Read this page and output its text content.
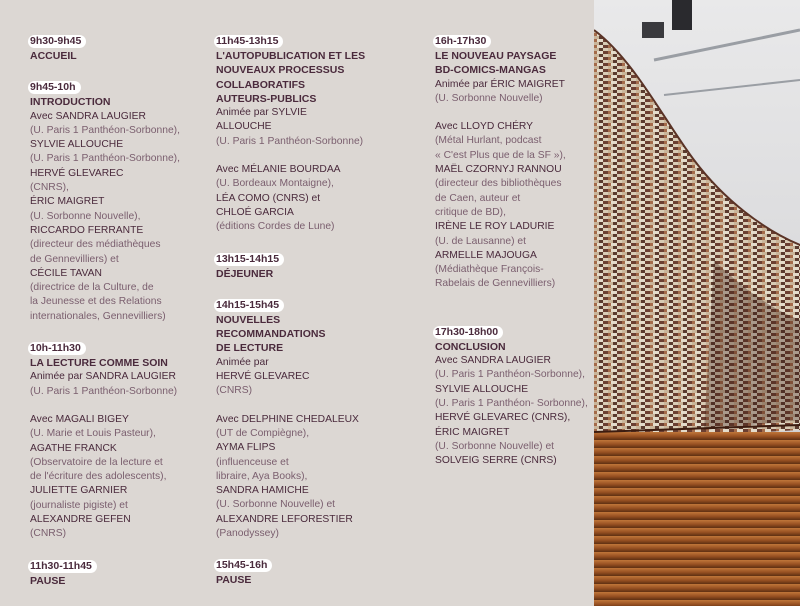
9h30-9h45
ACCUEIL
9h45-10h
INTRODUCTION
Avec SANDRA LAUGIER
(U. Paris 1 Panthéon-Sorbonne),
SYLVIE ALLOUCHE
(U. Paris 1 Panthéon-Sorbonne),
HERVÉ GLEVAREC
(CNRS),
ÉRIC MAIGRET
(U. Sorbonne Nouvelle),
RICCARDO FERRANTE
(directeur des médiathèques
de Gennevilliers) et
CÉCILE TAVAN
(directrice de la Culture, de
la Jeunesse et des Relations
internationales, Gennevilliers)
10h-11h30
LA LECTURE COMME SOIN
Animée par SANDRA LAUGIER
(U. Paris 1 Panthéon-Sorbonne)
Avec MAGALI BIGEY
(U. Marie et Louis Pasteur),
AGATHE FRANCK
(Observatoire de la lecture et
de l'écriture des adolescents),
JULIETTE GARNIER
(journaliste pigiste) et
ALEXANDRE GEFEN
(CNRS)
11h30-11h45
PAUSE
11h45-13h15
L'AUTOPUBLICATION ET LES
NOUVEAUX PROCESSUS
COLLABORATIFS
AUTEURS-PUBLICS
Animée par SYLVIE
ALLOUCHE
(U. Paris 1 Panthéon-Sorbonne)
Avec MÉLANIE BOURDAA
(U. Bordeaux Montaigne),
LÉA COMO (CNRS) et
CHLOÉ GARCIA
(éditions Cordes de Lune)
13h15-14h15
DÉJEUNER
14h15-15h45
NOUVELLES
RECOMMANDATIONS
DE LECTURE
Animée par
HERVÉ GLEVAREC
(CNRS)
Avec DELPHINE CHEDALEUX
(UT de Compiègne),
AYMA FLIPS
(influenceuse et
libraire, Aya Books),
SANDRA HAMICHE
(U. Sorbonne Nouvelle) et
ALEXANDRE LEFORESTIER
(Panodyssey)
15h45-16h
PAUSE
16h-17h30
LE NOUVEAU PAYSAGE
BD-COMICS-MANGAS
Animée par ÉRIC MAIGRET
(U. Sorbonne Nouvelle)
Avec LLOYD CHÉRY
(Métal Hurlant, podcast
« C'est Plus que de la SF »),
MAËL CZORNYJ RANNOU
(directeur des bibliothèques
de Caen, auteur et
critique de BD),
IRÈNE LE ROY LADURIE
(U. de Lausanne) et
ARMELLE MAJOUGA
(Médiathèque François-
Rabelais de Gennevilliers)
17h30-18h00
CONCLUSION
Avec SANDRA LAUGIER
(U. Paris 1 Panthéon-Sorbonne),
SYLVIE ALLOUCHE
(U. Paris 1 Panthéon- Sorbonne),
HERVÉ GLEVAREC (CNRS),
ÉRIC MAIGRET
(U. Sorbonne Nouvelle) et
SOLVEIG SERRE (CNRS)
